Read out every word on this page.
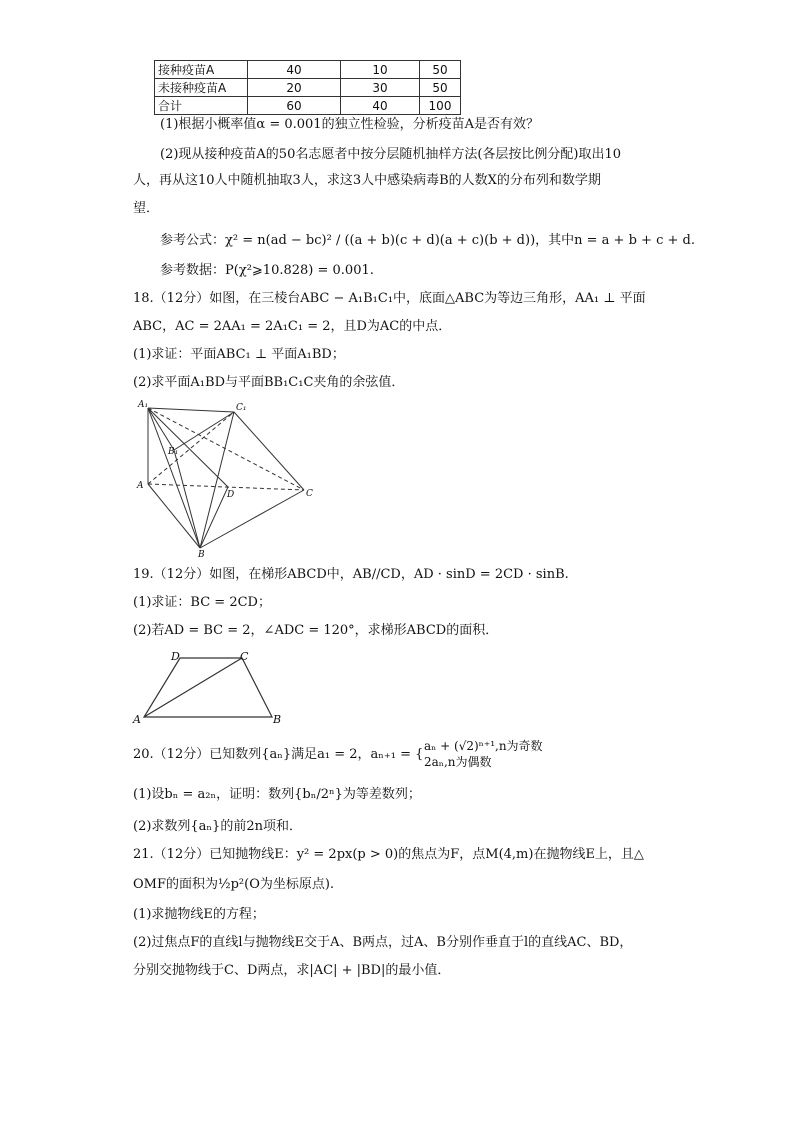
接种疫苗A	40	10	50
未接种疫苗A	20	30	50
合计	60	40	100
(1)根据小概率值α = 0.001的独立性检验，分析疫苗A是否有效？
(2)现从接种疫苗A的50名志愿者中按分层随机抽样方法(各层按比例分配)取出10
人，再从这10人中随机抽取3人，求这3人中感染病毒B的人数X的分布列和数学期
望．
参考公式：χ² = n(ad − bc)² / ((a + b)(c + d)(a + c)(b + d))，其中n = a + b + c + d.
参考数据：P(χ²⩾10.828) = 0.001.
18.（12分）如图，在三棱台ABC − A₁B₁C₁中，底面△ABC为等边三角形，AA₁ ⊥ 平面
ABC，AC = 2AA₁ = 2A₁C₁ = 2，且D为AC的中点．
(1)求证：平面ABC₁ ⊥ 平面A₁BD；
(2)求平面A₁BD与平面BB₁C₁C夹角的余弦值．
A₁	C₁
B₁
A
D	C
B
19.（12分）如图，在梯形ABCD中，AB//CD，AD · sinD = 2CD · sinB.
(1)求证：BC = 2CD；
(2)若AD = BC = 2，∠ADC = 120°，求梯形ABCD的面积．
D	C
A	B
20.（12分）已知数列{aₙ}满足a₁ = 2，aₙ₊₁ = {
aₙ + (√2)ⁿ⁺¹,n为奇数
2aₙ,n为偶数
(1)设bₙ = a₂ₙ，证明：数列{bₙ/2ⁿ}为等差数列；
(2)求数列{aₙ}的前2n项和．
21.（12分）已知抛物线E：y² = 2px(p > 0)的焦点为F，点M(4,m)在抛物线E上，且△
OMF的面积为½p²(O为坐标原点).
(1)求抛物线E的方程；
(2)过焦点F的直线l与抛物线E交于A、B两点，过A、B分别作垂直于l的直线AC、BD，
分别交抛物线于C、D两点，求|AC| + |BD|的最小值．
